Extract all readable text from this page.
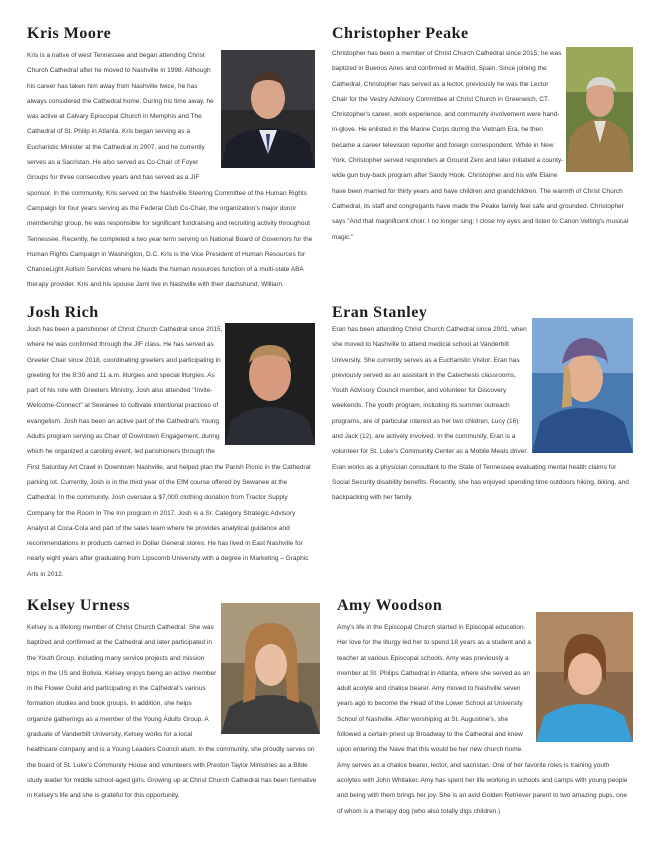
Kris Moore
Kris is a native of west Tennessee and began attending Christ Church Cathedral after he moved to Nashville in 1998. Although his career has taken him away from Nashville twice, he has always considered the Cathedral home. During his time away, he was active at Calvary Episcopal Church in Memphis and The Cathedral of St. Philip in Atlanta. Kris began serving as a Eucharistic Minister at the Cathedral in 2007, and he currently serves as a Sacristan. He also served as Co-Chair of Foyer Groups for three consecutive years and has served as a JIF sponsor. In the community, Kris served on the Nashville Steering Committee of the Human Rights Campaign for four years serving as the Federal Club Co-Chair, the organization's major donor membership group, he was responsible for significant fundraising and recruiting activity throughout Tennessee. Recently, he completed a two year term serving on National Board of Governors for the Human Rights Campaign in Washington, D.C. Kris is the Vice President of Human Resources for ChanceLight Autism Services where he leads the human resources function of a multi-state ABA therapy provider. Kris and his spouse Jami live in Nashville with their dachshund, William.
Christopher Peake
Christopher has been a member of Christ Church Cathedral since 2015; he was baptized in Buenos Aires and confirmed in Madrid, Spain. Since joining the Cathedral, Christopher has served as a lector, previously he was the Lector Chair for the Vestry Advisory Committee at Christ Church in Greenwich, CT. Christopher's career, work experience, and community involvement were hand-in-glove. He enlisted in the Marine Corps during the Vietnam Era, he then became a career television reporter and foreign correspondent. While in New York, Christopher served responders at Ground Zero and later initiated a county-wide gun buy-back program after Sandy Hook. Christopher and his wife Elaine have been married for thirty years and have children and grandchildren. The warmth of Christ Church Cathedral, its staff and congregants have made the Peake family feel safe and grounded. Christopher says "And that magnificent choir. I no longer sing; I close my eyes and listen to Canon Velting's musical magic."
Josh Rich
Josh has been a parishioner of Christ Church Cathedral since 2015, where he was confirmed through the JIF class. He has served as Greeter Chair since 2018, coordinating greeters and participating in greeting for the 8:30 and 11 a.m. liturgies and special liturgies. As part of his role with Greeters Ministry, Josh also attended "Invite-Welcome-Connect" at Sewanee to cultivate intentional practices of evangelism. Josh has been an active part of the Cathedral's Young Adults program serving as Chair of Downtown Engagement, during which he organized a caroling event, led parishioners through the First Saturday Art Crawl in Downtown Nashville, and helped plan the Parish Picnic in the Cathedral parking lot. Currently, Josh is in the third year of the EfM course offered by Sewanee at the Cathedral. In the community, Josh oversaw a $7,000 clothing donation from Tractor Supply Company for the Room In The Inn program in 2017. Josh is a Sr. Category Strategic Advisory Analyst at Coca-Cola and part of the sales team where he provides analytical guidance and recommendations in products carried in Dollar General stores. He has lived in East Nashville for nearly eight years after graduating from Lipscomb University with a degree in Marketing – Graphic Arts in 2012.
Eran Stanley
Eran has been attending Christ Church Cathedral since 2001, when she moved to Nashville to attend medical school at Vanderbilt University. She currently serves as a Eucharistic Visitor. Eran has previously served as an assistant in the Catechesis classrooms, Youth Advisory Council member, and volunteer for Discovery weekends. The youth program, including its summer outreach programs, are of particular interest as her two children, Lucy (16) and Jack (12), are actively involved. In the community, Eran is a volunteer for St. Luke's Community Center as a Mobile Meals driver. Eran works as a physician consultant to the State of Tennessee evaluating mental health claims for Social Security disability benefits. Recently, she has enjoyed spending time outdoors hiking, biking, and backpacking with her family.
Kelsey Urness
Kelsey is a lifelong member of Christ Church Cathedral. She was baptized and confirmed at the Cathedral and later participated in the Youth Group, including many service projects and mission trips in the US and Bolivia. Kelsey enjoys being an active member in the Flower Guild and participating in the Cathedral's various formation studies and book groups. In addition, she helps organize gatherings as a member of the Young Adults Group. A graduate of Vanderbilt University, Kelsey works for a local healthcare company and is a Young Leaders Council alum. In the community, she proudly serves on the board of St. Luke's Community House and volunteers with Preston Taylor Ministries as a Bible study leader for middle school-aged girls. Growing up at Christ Church Cathedral has been formative in Kelsey's life and she is grateful for this opportunity.
Amy Woodson
Amy's life in the Episcopal Church started in Episcopal education. Her love for the liturgy led her to spend 18 years as a student and a teacher at various Episcopal schools. Amy was previously a member at St. Philips Cathedral in Atlanta, where she served as an adult acolyte and chalice bearer. Amy moved to Nashville seven years ago to become the Head of the Lower School at University School of Nashville. After worshiping at St. Augustine's, she followed a certain priest up Broadway to the Cathedral and knew upon entering the Nave that this would be her new church home. Amy serves as a chalice bearer, lector, and sacristan. One of her favorite roles is training youth acolytes with John Whitaker. Amy has spent her life working in schools and camps with young people and being with them brings her joy. She is an avid Golden Retriever parent to two amazing pups, one of whom is a therapy dog (who also totally digs children.)
